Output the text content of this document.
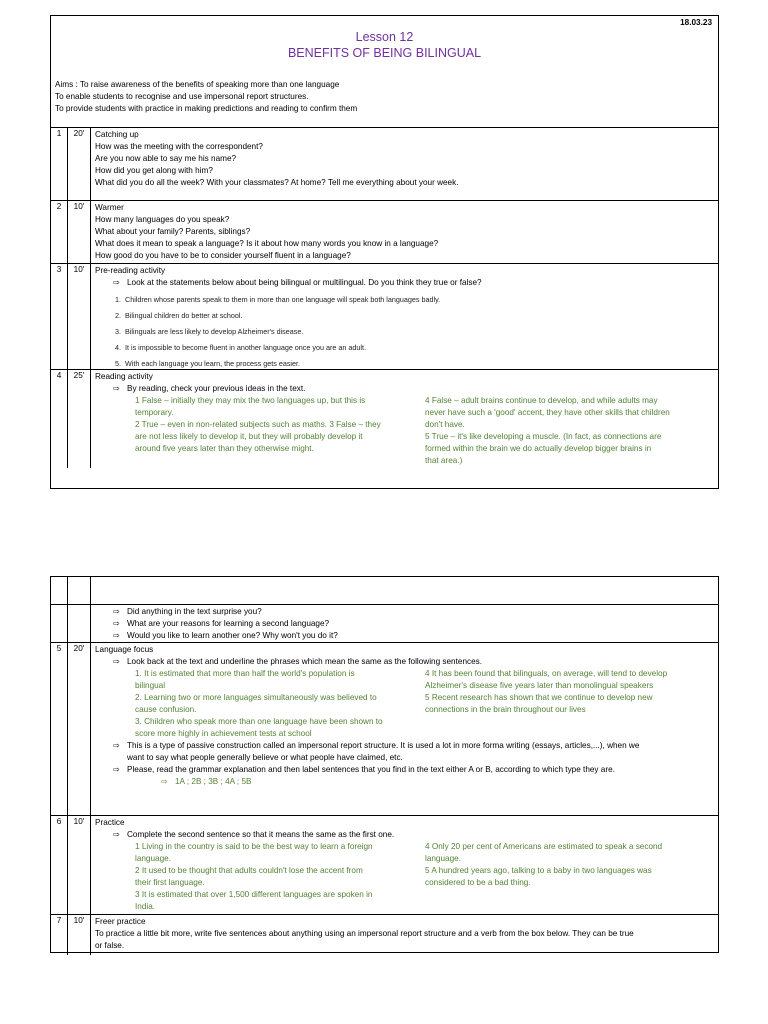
18.03.23
Lesson 12
BENEFITS OF BEING BILINGUAL
Aims : To raise awareness of the benefits of speaking more than one language
To enable students to recognise and use impersonal report structures.
To provide students with practice in making predictions and reading to confirm them
1	20'	Catching up
How was the meeting with the correspondent?
Are you now able to say me his name?
How did you get along with him?
What did you do all the week? With your classmates? At home? Tell me everything about your week.
2	10'	Warmer
How many languages do you speak?
What about your family? Parents, siblings?
What does it mean to speak a language? Is it about how many words you know in a language?
How good do you have to be to consider yourself fluent in a language?
3	10'	Pre-reading activity
⇨ Look at the statements below about being bilingual or multilingual. Do you think they true or false?
1. Children whose parents speak to them in more than one language will speak both languages badly.
2. Bilingual children do better at school.
3. Bilinguals are less likely to develop Alzheimer's disease.
4. It is impossible to become fluent in another language once you are an adult.
5. With each language you learn, the process gets easier.
4	25'	Reading activity
⇨ By reading, check your previous ideas in the text.
1 False – initially they may mix the two languages up, but this is
temporary.
2 True – even in non-related subjects such as maths. 3 False – they
are not less likely to develop it, but they will probably develop it
around five years later than they otherwise might.
4 False – adult brains continue to develop, and while adults may
never have such a 'good' accent, they have other skills that children
don't have.
5 True – it's like developing a muscle. (In fact, as connections are
formed within the brain we do actually develop bigger brains in
that area.)
⇨ Did anything in the text surprise you?
⇨ What are your reasons for learning a second language?
⇨ Would you like to learn another one? Why won't you do it?
5	20'	Language focus
⇨ Look back at the text and underline the phrases which mean the same as the following sentences.
1. It is estimated that more than half the world's population is
bilingual
2. Learning two or more languages simultaneously was believed to
cause confusion.
3. Children who speak more than one language have been shown to
score more highly in achievement tests at school
4 It has been found that bilinguals, on average, will tend to develop
Alzheimer's disease five years later than monolingual speakers
5 Recent research has shown that we continue to develop new
connections in the brain throughout our lives
⇨ This is a type of passive construction called an impersonal report structure. It is used a lot in more forma writing (essays, articles,...), when we
want to say what people generally believe or what people have claimed, etc.
⇨ Please, read the grammar explanation and then label sentences that you find in the text either A or B, according to which type they are.
⇨ 1A ; 2B ; 3B ; 4A ; 5B
6	10'	Practice
⇨ Complete the second sentence so that it means the same as the first one.
1 Living in the country is said to be the best way to learn a foreign
language.
2 It used to be thought that adults couldn't lose the accent from
their first language.
3 It is estimated that over 1,500 different languages are spoken in
India.
4 Only 20 per cent of Americans are estimated to speak a second
language.
5 A hundred years ago, talking to a baby in two languages was
considered to be a bad thing.
7	10'	Freer practice
To practice a little bit more, write five sentences about anything using an impersonal report structure and a verb from the box below. They can be true
or false.
